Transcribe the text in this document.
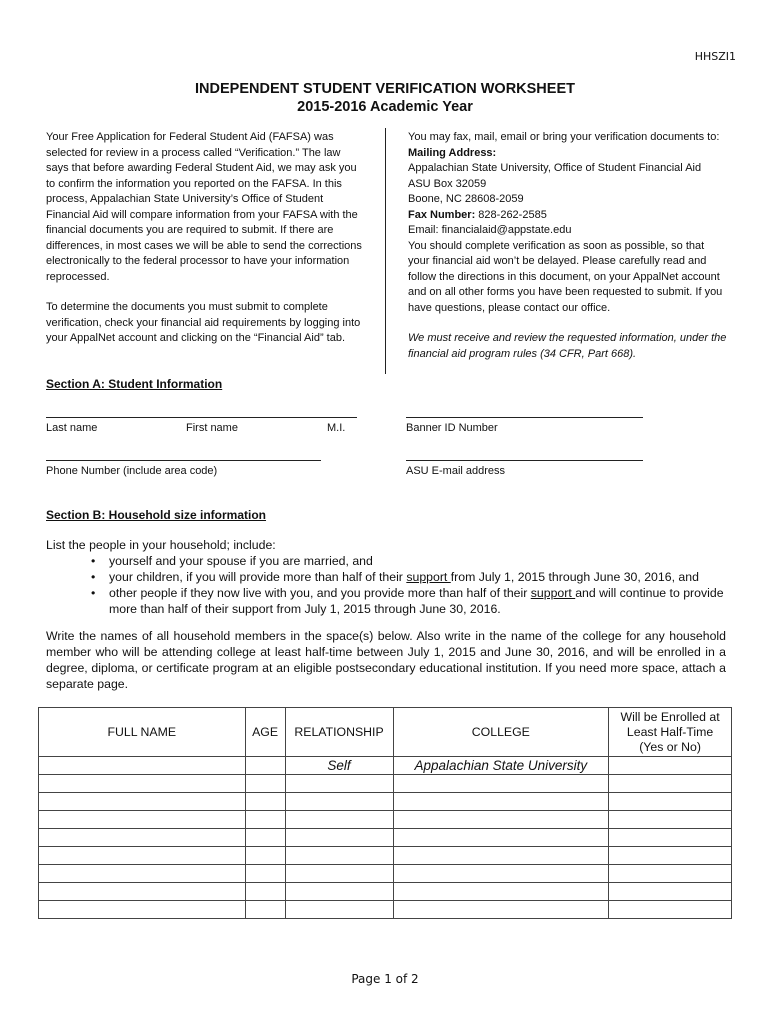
HHSZI1
INDEPENDENT STUDENT VERIFICATION WORKSHEET
2015-2016 Academic Year

Your Free Application for Federal Student Aid (FAFSA) was selected for review in a process called “Verification.” The law says that before awarding Federal Student Aid, we may ask you to confirm the information you reported on the FAFSA. In this process, Appalachian State University’s Office of Student Financial Aid will compare information from your FAFSA with the financial documents you are required to submit. If there are differences, in most cases we will be able to send the corrections electronically to the federal processor to have your information reprocessed.

To determine the documents you must submit to complete verification, check your financial aid requirements by logging into your AppalNet account and clicking on the “Financial Aid” tab.

You may fax, mail, email or bring your verification documents to:

Mailing Address:

Appalachian State University, Office of Student Financial Aid

ASU Box 32059

Boone, NC 28608-2059

Fax Number: 828-262-2585

Email: financialaid@appstate.edu

You should complete verification as soon as possible, so that your financial aid won’t be delayed. Please carefully read and follow the directions in this document, on your AppalNet account and on all other forms you have been requested to submit. If you have questions, please contact our office.

We must receive and review the requested information, under the financial aid program rules (34 CFR, Part 668).

Section A: Student Information
Last name	First name	M.I.	Banner ID Number
Phone Number (include area code)	ASU E-mail address
Section B: Household size information
List the people in your household; include:
• yourself and your spouse if you are married, and
• your children, if you will provide more than half of their support from July 1, 2015 through June 30, 2016, and
• other people if they now live with you, and you provide more than half of their support and will continue to provide more than half of their support from July 1, 2015 through June 30, 2016.
Write the names of all household members in the space(s) below. Also write in the name of the college for any household member who will be attending college at least half-time between July 1, 2015 and June 30, 2016, and will be enrolled in a degree, diploma, or certificate program at an eligible postsecondary educational institution. If you need more space, attach a separate page.
FULL NAME	AGE	RELATIONSHIP	COLLEGE	Will be Enrolled at
Least Half-Time
(Yes or No)

		Self	Appalachian State University	

Page 1 of 2
